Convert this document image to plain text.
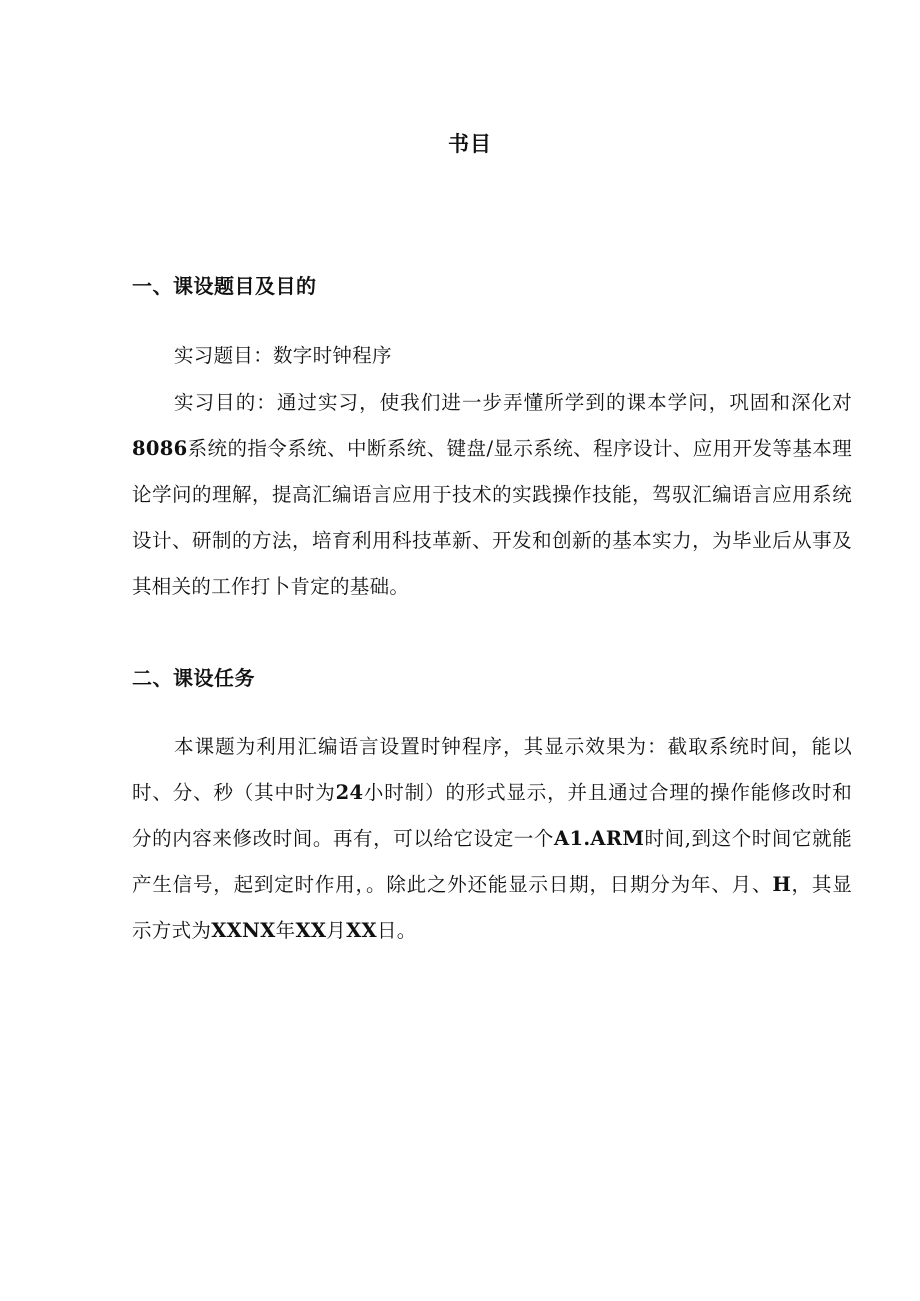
书目
一、课设题目及目的
实习题目：数字时钟程序
实习目的：通过实习，使我们进一步弄懂所学到的课本学问，巩固和深化对8086系统的指令系统、中断系统、键盘/显示系统、程序设计、应用开发等基本理论学问的理解，提高汇编语言应用于技术的实践操作技能，驾驭汇编语言应用系统设计、研制的方法，培育利用科技革新、开发和创新的基本实力，为毕业后从事及其相关的工作打卜肯定的基础。
二、课设任务
本课题为利用汇编语言设置时钟程序，其显示效果为：截取系统时间，能以时、分、秒（其中时为24小时制）的形式显示，并且通过合理的操作能修改时和分的内容来修改时间。再有，可以给它设定一个A1.ARM时间,到这个时间它就能产生信号，起到定时作用，。除此之外还能显示日期，日期分为年、月、H，其显示方式为XXNX年XX月XX日。
